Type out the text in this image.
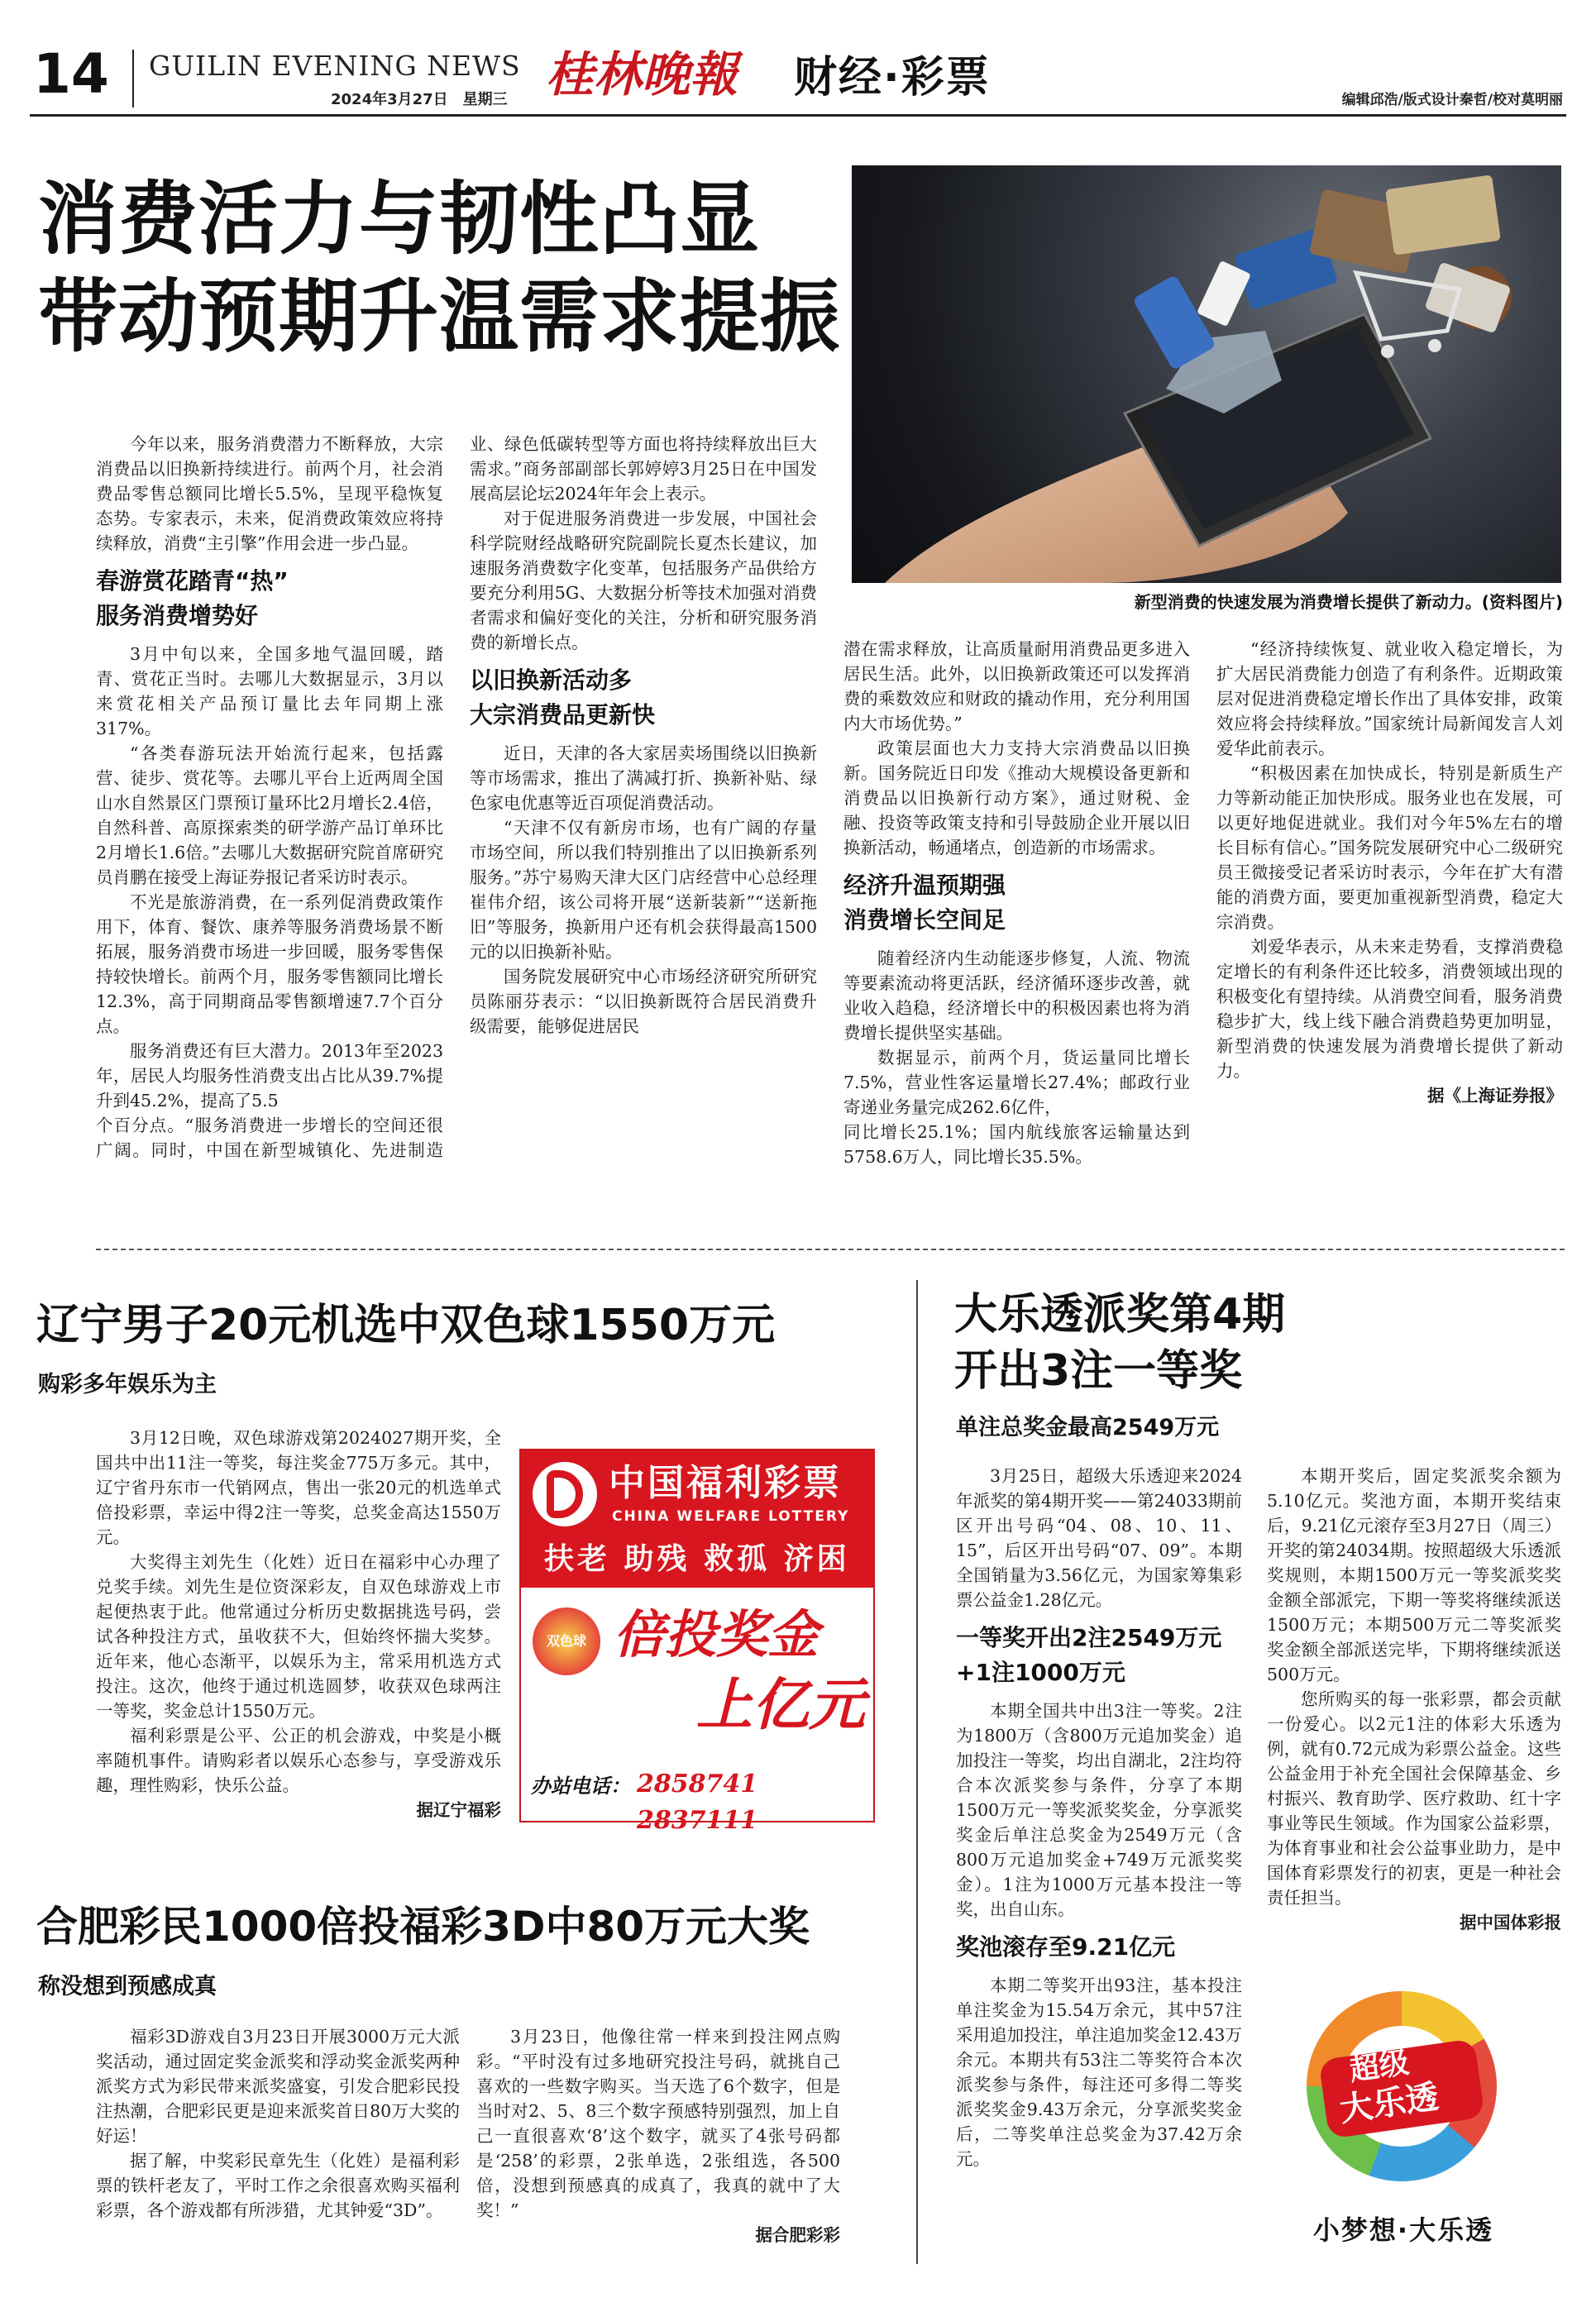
14 GUILIN EVENING NEWS
2024年3月27日　星期三 桂林晚報 财经·彩票	编辑邱浩/版式设计秦哲/校对莫明丽
消费活力与韧性凸显
带动预期升温需求提振
新型消费的快速发展为消费增长提供了新动力。(资料图片)

今年以来，服务消费潜力不断释放，大宗消费品以旧换新持续进行。前两个月，社会消费品零售总额同比增长5.5%，呈现平稳恢复态势。专家表示，未来，促消费政策效应将持续释放，消费“主引擎”作用会进一步凸显。

春游赏花踏青“热”
服务消费增势好

3月中旬以来，全国多地气温回暖，踏青、赏花正当时。去哪儿大数据显示，3月以来赏花相关产品预订量比去年同期上涨317%。

“各类春游玩法开始流行起来，包括露营、徒步、赏花等。去哪儿平台上近两周全国山水自然景区门票预订量环比2月增长2.4倍，自然科普、高原探索类的研学游产品订单环比2月增长1.6倍。”去哪儿大数据研究院首席研究员肖鹏在接受上海证券报记者采访时表示。

不光是旅游消费，在一系列促消费政策作用下，体育、餐饮、康养等服务消费场景不断拓展，服务消费市场进一步回暖，服务零售保持较快增长。前两个月，服务零售额同比增长12.3%，高于同期商品零售额增速7.7个百分点。

服务消费还有巨大潜力。2013年至2023年，居民人均服务性消费支出占比从39.7%提升到45.2%，提高了5.5

个百分点。“服务消费进一步增长的空间还很广阔。同时，中国在新型城镇化、先进制造业、绿色低碳转型等方面也将持续释放出巨大需求。”商务部副部长郭婷婷3月25日在中国发展高层论坛2024年年会上表示。

对于促进服务消费进一步发展，中国社会科学院财经战略研究院副院长夏杰长建议，加速服务消费数字化变革，包括服务产品供给方要充分利用5G、大数据分析等技术加强对消费者需求和偏好变化的关注，分析和研究服务消费的新增长点。

以旧换新活动多
大宗消费品更新快

近日，天津的各大家居卖场围绕以旧换新等市场需求，推出了满减打折、换新补贴、绿色家电优惠等近百项促消费活动。

“天津不仅有新房市场，也有广阔的存量市场空间，所以我们特别推出了以旧换新系列服务。”苏宁易购天津大区门店经营中心总经理崔伟介绍，该公司将开展“送新装新”“送新拖旧”等服务，换新用户还有机会获得最高1500元的以旧换新补贴。

国务院发展研究中心市场经济研究所研究员陈丽芬表示：“以旧换新既符合居民消费升级需要，能够促进居民

潜在需求释放，让高质量耐用消费品更多进入居民生活。此外，以旧换新政策还可以发挥消费的乘数效应和财政的撬动作用，充分利用国内大市场优势。”

政策层面也大力支持大宗消费品以旧换新。国务院近日印发《推动大规模设备更新和消费品以旧换新行动方案》，通过财税、金融、投资等政策支持和引导鼓励企业开展以旧换新活动，畅通堵点，创造新的市场需求。

经济升温预期强
消费增长空间足

随着经济内生动能逐步修复，人流、物流等要素流动将更活跃，经济循环逐步改善，就业收入趋稳，经济增长中的积极因素也将为消费增长提供坚实基础。

数据显示，前两个月，货运量同比增长7.5%，营业性客运量增长27.4%；邮政行业寄递业务量完成262.6亿件，

同比增长25.1%；国内航线旅客运输量达到5758.6万人，同比增长35.5%。

“经济持续恢复、就业收入稳定增长，为扩大居民消费能力创造了有利条件。近期政策层对促进消费稳定增长作出了具体安排，政策效应将会持续释放。”国家统计局新闻发言人刘爱华此前表示。

“积极因素在加快成长，特别是新质生产力等新动能正加快形成。服务业也在发展，可以更好地促进就业。我们对今年5%左右的增长目标有信心。”国务院发展研究中心二级研究员王微接受记者采访时表示，今年在扩大有潜能的消费方面，要更加重视新型消费，稳定大宗消费。

刘爱华表示，从未来走势看，支撑消费稳定增长的有利条件还比较多，消费领域出现的积极变化有望持续。从消费空间看，服务消费稳步扩大，线上线下融合消费趋势更加明显，新型消费的快速发展为消费增长提供了新动力。

据《上海证券报》
辽宁男子20元机选中双色球1550万元
购彩多年娱乐为主

3月12日晚，双色球游戏第2024027期开奖，全国共中出11注一等奖，每注奖金775万多元。其中，辽宁省丹东市一代销网点，售出一张20元的机选单式倍投彩票，幸运中得2注一等奖，总奖金高达1550万元。

大奖得主刘先生（化姓）近日在福彩中心办理了兑奖手续。刘先生是位资深彩友，自双色球游戏上市起便热衷于此。他常通过分析历史数据挑选号码，尝试各种投注方式，虽收获不大，但始终怀揣大奖梦。近年来，他心态渐平，以娱乐为主，常采用机选方式投注。这次，他终于通过机选圆梦，收获双色球两注一等奖，奖金总计1550万元。

福利彩票是公平、公正的机会游戏，中奖是小概率随机事件。请购彩者以娱乐心态参与，享受游戏乐趣，理性购彩，快乐公益。

据辽宁福彩
中国福利彩票
CHINA WELFARE LOTTERY
扶老 助残 救孤 济困
双色球 倍投奖金
上亿元
办站电话： 2858741 2837111
合肥彩民1000倍投福彩3D中80万元大奖
称没想到预感成真

福彩3D游戏自3月23日开展3000万元大派奖活动，通过固定奖金派奖和浮动奖金派奖两种派奖方式为彩民带来派奖盛宴，引发合肥彩民投注热潮，合肥彩民更是迎来派奖首日80万大奖的好运！

据了解，中奖彩民章先生（化姓）是福利彩票的铁杆老友了，平时工作之余很喜欢购买福利彩票，各个游戏都有所涉猎，尤其钟爱“3D”。

3月23日，他像往常一样来到投注网点购彩。“平时没有过多地研究投注号码，就挑自己喜欢的一些数字购买。当天选了6个数字，但是当时对2、5、8三个数字预感特别强烈，加上自己一直很喜欢‘8’这个数字，就买了4张号码都是‘258’的彩票，2张单选，2张组选，各500倍，没想到预感真的成真了，我真的就中了大奖！”

据合肥彩彩
大乐透派奖第4期
开出3注一等奖
单注总奖金最高2549万元

3月25日，超级大乐透迎来2024年派奖的第4期开奖——第24033期前区开出号码“04、08、10、11、15”，后区开出号码“07、09”。本期全国销量为3.56亿元，为国家筹集彩票公益金1.28亿元。

一等奖开出2注2549万元
+1注1000万元

本期全国共中出3注一等奖。2注为1800万（含800万元追加奖金）追加投注一等奖，均出自湖北，2注均符合本次派奖参与条件，分享了本期1500万元一等奖派奖奖金，分享派奖奖金后单注总奖金为2549万元（含800万元追加奖金+749万元派奖奖金）。1注为1000万元基本投注一等奖，出自山东。

奖池滚存至9.21亿元

本期二等奖开出93注，基本投注单注奖金为15.54万余元，其中57注采用追加投注，单注追加奖金12.43万余元。本期共有53注二等奖符合本次派奖参与条件，每注还可多得二等奖派奖奖金9.43万余元，分享派奖奖金后，二等奖单注总奖金为37.42万余元。

本期开奖后，固定奖派奖余额为5.10亿元。奖池方面，本期开奖结束后，9.21亿元滚存至3月27日（周三）开奖的第24034期。按照超级大乐透派奖规则，本期1500万元一等奖派奖奖金额全部派完，下期一等奖将继续派送1500万元；本期500万元二等奖派奖奖金额全部派送完毕，下期将继续派送500万元。

您所购买的每一张彩票，都会贡献一份爱心。以2元1注的体彩大乐透为例，就有0.72元成为彩票公益金。这些公益金用于补充全国社会保障基金、乡村振兴、教育助学、医疗救助、红十字事业等民生领域。作为国家公益彩票，为体育事业和社会公益事业助力，是中国体育彩票发行的初衷，更是一种社会责任担当。

据中国体彩报
超级
大乐透
小梦想·大乐透
